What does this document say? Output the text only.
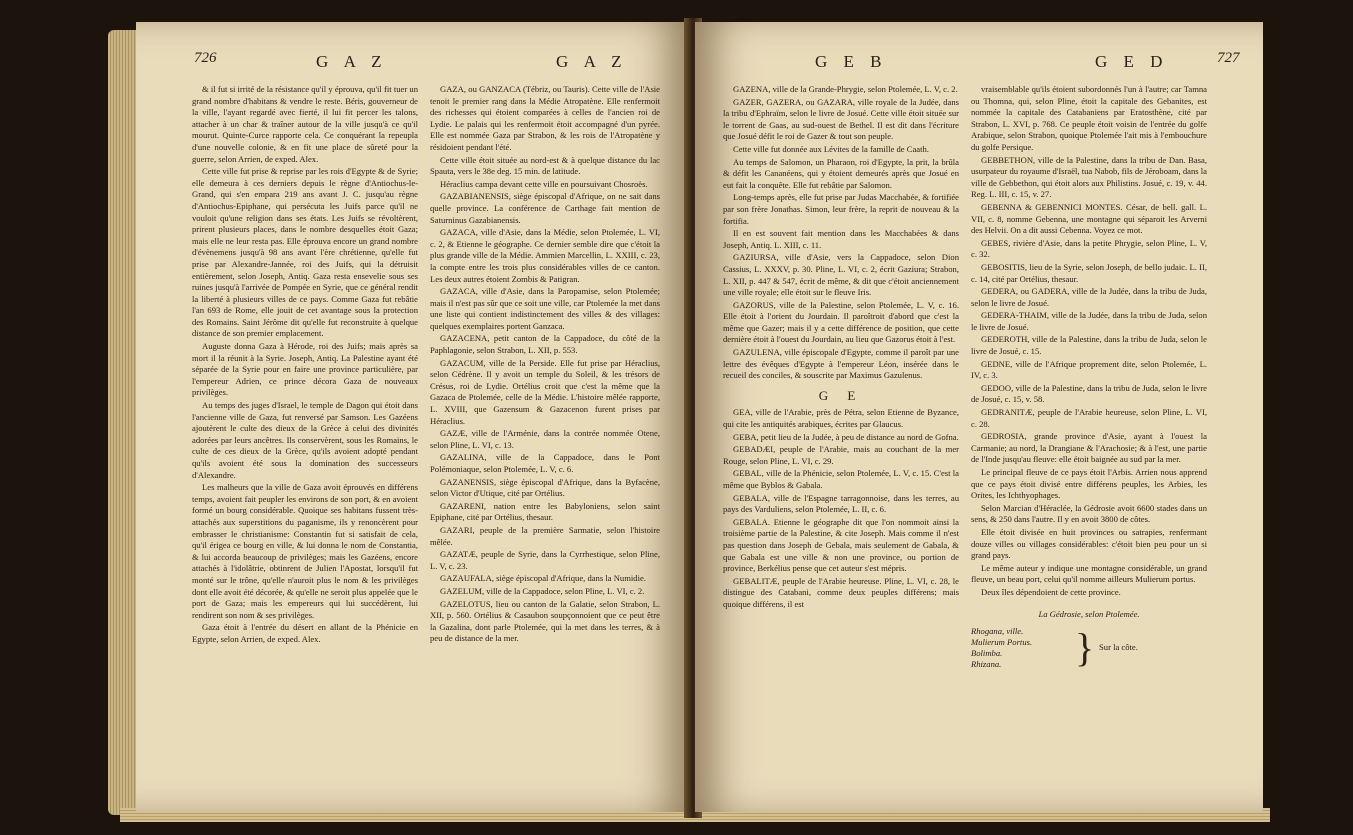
726	G A Z	G A Z

& il fut si irrité de la résistance qu'il y éprouva, qu'il fit tuer un grand nombre d'habitans & vendre le reste. Béris, gouverneur de la ville, l'ayant regardé avec fierté, il lui fit percer les talons, attacher à un char & traîner autour de la ville jusqu'à ce qu'il mourut. Quinte-Curce rapporte cela. Ce conquérant la repeupla d'une nouvelle colonie, & en fit une place de sûreté pour la guerre, selon Arrien, de exped. Alex.

Cette ville fut prise & reprise par les rois d'Egypte & de Syrie; elle demeura à ces derniers depuis le règne d'Antiochus-le-Grand, qui s'en empara 219 ans avant J. C. jusqu'au règne d'Antiochus-Epiphane, qui persécuta les Juifs parce qu'il ne vouloit qu'une religion dans ses états. Les Juifs se révoltèrent, prirent plusieurs places, dans le nombre desquelles étoit Gaza; mais elle ne leur resta pas. Elle éprouva encore un grand nombre d'évènemens jusqu'à 98 ans avant l'ère chrétienne, qu'elle fut prise par Alexandre-Jannée, roi des Juifs, qui la détruisit entièrement, selon Joseph, Antiq. Gaza resta ensevelie sous ses ruines jusqu'à l'arrivée de Pompée en Syrie, que ce général rendit la liberté à plusieurs villes de ce pays. Comme Gaza fut rebâtie l'an 693 de Rome, elle jouit de cet avantage sous la protection des Romains. Saint Jérôme dit qu'elle fut reconstruite à quelque distance de son premier emplacement.

Auguste donna Gaza à Hérode, roi des Juifs; mais après sa mort il la réunit à la Syrie. Joseph, Antiq. La Palestine ayant été séparée de la Syrie pour en faire une province particulière, par l'empereur Adrien, ce prince décora Gaza de nouveaux privilèges.

Au temps des juges d'Israel, le temple de Dagon qui étoit dans l'ancienne ville de Gaza, fut renversé par Samson. Les Gazéens ajoutèrent le culte des dieux de la Grèce à celui des divinités adorées par leurs ancêtres. Ils conservèrent, sous les Romains, le culte de ces dieux de la Grèce, qu'ils avoient adopté pendant qu'ils avoient été sous la domination des successeurs d'Alexandre.

Les malheurs que la ville de Gaza avoit éprouvés en différens temps, avoient fait peupler les environs de son port, & en avoient formé un bourg considérable. Quoique ses habitans fussent très-attachés aux superstitions du paganisme, ils y renoncèrent pour embrasser le christianisme: Constantin fut si satisfait de cela, qu'il érigea ce bourg en ville, & lui donna le nom de Constantia, & lui accorda beaucoup de privilèges; mais les Gazéens, encore attachés à l'idolâtrie, obtinrent de Julien l'Apostat, lorsqu'il fut monté sur le trône, qu'elle n'auroit plus le nom & les privilèges dont elle avoit été décorée, & qu'elle ne seroit plus appelée que le port de Gaza; mais les empereurs qui lui succédèrent, lui rendirent son nom & ses privilèges.

Gaza étoit à l'entrée du désert en allant de la Phénicie en Egypte, selon Arrien, de exped. Alex.

GAZA, ou GANZACA (Tébriz, ou Tauris). Cette ville de l'Asie tenoit le premier rang dans la Médie Atropatène. Elle renfermoit des richesses qui étoient comparées à celles de l'ancien roi de Lydie. Le palais qui les renfermoit étoit accompagné d'un pyrée. Elle est nommée Gaza par Strabon, & les rois de l'Atropatène y résidoient pendant l'été.

Cette ville étoit située au nord-est & à quelque distance du lac Spauta, vers le 38e deg. 15 min. de latitude.

Héraclius campa devant cette ville en poursuivant Chosroès.

GAZABIANENSIS, siège épiscopal d'Afrique, on ne sait dans quelle province. La conférence de Carthage fait mention de Saturninus Gazabianensis.

GAZACA, ville d'Asie, dans la Médie, selon Ptolemée, L. VI, c. 2, & Etienne le géographe. Ce dernier semble dire que c'étoit la plus grande ville de la Médie. Ammien Marcellin, L. XXIII, c. 23, la compte entre les trois plus considérables villes de ce canton. Les deux autres étoient Zombis & Patigran.

GAZACA, ville d'Asie, dans la Paropamise, selon Ptolemée; mais il n'est pas sûr que ce soit une ville, car Ptolemée la met dans une liste qui contient indistinctement des villes & des villages: quelques exemplaires portent Ganzaca.

GAZACENA, petit canton de la Cappadoce, du côté de la Paphlagonie, selon Strabon, L. XII, p. 553.

GAZACUM, ville de la Perside. Elle fut prise par Héraclius, selon Cédrène. Il y avoit un temple du Soleil, & les trésors de Crésus, roi de Lydie. Ortélius croit que c'est la même que la Gazaca de Ptolemée, celle de la Médie. L'histoire mêlée rapporte, L. XVIII, que Gazensum & Gazacenon furent prises par Héraclius.

GAZÆ, ville de l'Arménie, dans la contrée nommée Otene, selon Pline, L. VI, c. 13.

GAZALINA, ville de la Cappadoce, dans le Pont Polémoniaque, selon Ptolemée, L. V, c. 6.

GAZANENSIS, siège épiscopal d'Afrique, dans la Byfacène, selon Victor d'Utique, cité par Ortélius.

GAZARENI, nation entre les Babyloniens, selon saint Epiphane, cité par Ortélius, thesaur.

GAZARI, peuple de la première Sarmatie, selon l'histoire mêlée.

GAZATÆ, peuple de Syrie, dans la Cyrrhestique, selon Pline, L. V, c. 23.

GAZAUFALA, siège épiscopal d'Afrique, dans la Numidie.

GAZELUM, ville de la Cappadoce, selon Pline, L. VI, c. 2.

GAZELOTUS, lieu ou canton de la Galatie, selon Strabon, L. XII, p. 560. Ortélius & Casaubon soupçonnoient que ce peut être la Gazalina, dont parle Ptolemée, qui la met dans les terres, & à peu de distance de la mer.

G E B	G E D	727

GAZENA, ville de la Grande-Phrygie, selon Ptolemée, L. V, c. 2.

GAZER, GAZERA, ou GAZARA, ville royale de la Judée, dans la tribu d'Ephraïm, selon le livre de Josué. Cette ville étoit située sur le torrent de Gaas, au sud-ouest de Bethel. Il est dit dans l'écriture que Josué défit le roi de Gazer & tout son peuple.

Cette ville fut donnée aux Lévites de la famille de Caath.

Au temps de Salomon, un Pharaon, roi d'Egypte, la prit, la brûla & défit les Cananéens, qui y étoient demeurés après que Josué en eut fait la conquête. Elle fut rebâtie par Salomon.

Long-temps après, elle fut prise par Judas Macchabée, & fortifiée par son frère Jonathas. Simon, leur frère, la reprit de nouveau & la fortifia.

Il en est souvent fait mention dans les Macchabées & dans Joseph, Antiq. L. XIII, c. 11.

GAZIURSA, ville d'Asie, vers la Cappadoce, selon Dion Cassius, L. XXXV, p. 30. Pline, L. VI, c. 2, écrit Gaziura; Strabon, L. XII, p. 447 & 547, écrit de même, & dit que c'étoit anciennement une ville royale; elle étoit sur le fleuve Iris.

GAZORUS, ville de la Palestine, selon Ptolemée, L. V, c. 16. Elle étoit à l'orient du Jourdain. Il paroîtroit d'abord que c'est la même que Gazer; mais il y a cette différence de position, que cette dernière étoit à l'ouest du Jourdain, au lieu que Gazorus étoit à l'est.

GAZULENA, ville épiscopale d'Egypte, comme il paroît par une lettre des évêques d'Egypte à l'empereur Léon, insérée dans le recueil des conciles, & souscrite par Maximus Gazulenus.

G E

GEA, ville de l'Arabie, près de Pétra, selon Etienne de Byzance, qui cite les antiquités arabiques, écrites par Glaucus.

GEBA, petit lieu de la Judée, à peu de distance au nord de Gofna.

GEBADÆI, peuple de l'Arabie, mais au couchant de la mer Rouge, selon Pline, L. VI, c. 29.

GEBAL, ville de la Phénicie, selon Ptolemée, L. V, c. 15. C'est la même que Byblos & Gabala.

GEBALA, ville de l'Espagne tarragonnoise, dans les terres, au pays des Varduliens, selon Ptolemée, L. II, c. 6.

GEBALA. Etienne le géographe dit que l'on nommoit ainsi la troisième partie de la Palestine, & cite Joseph. Mais comme il n'est pas question dans Joseph de Gebala, mais seulement de Gabala, & que Gabala est une ville & non une province, ou portion de province, Berkélius pense que cet auteur s'est mépris.

GEBALITÆ, peuple de l'Arabie heureuse. Pline, L. VI, c. 28, le distingue des Catabani, comme deux peuples différens; mais quoique différens, il est

vraisemblable qu'ils étoient subordonnés l'un à l'autre; car Tamna ou Thomna, qui, selon Pline, étoit la capitale des Gebanites, est nommée la capitale des Catabaniens par Eratosthène, cité par Strabon, L. XVI, p. 768. Ce peuple étoit voisin de l'entrée du golfe Arabique, selon Strabon, quoique Ptolemée l'ait mis à l'embouchure du golfe Persique.

GEBBETHON, ville de la Palestine, dans la tribu de Dan. Basa, usurpateur du royaume d'Israël, tua Nabob, fils de Jéroboam, dans la ville de Gebbethon, qui étoit alors aux Philistins. Josué, c. 19, v. 44. Reg. L. III, c. 15, v. 27.

GEBENNA & GEBENNICI MONTES. César, de bell. gall. L. VII, c. 8, nomme Gebenna, une montagne qui séparoit les Arverni des Helvii. On a dit aussi Cebenna. Voyez ce mot.

GEBES, rivière d'Asie, dans la petite Phrygie, selon Pline, L. V, c. 32.

GEBOSITIS, lieu de la Syrie, selon Joseph, de bello judaic. L. II, c. 14, cité par Ortélius, thesaur.

GEDERA, ou GADERA, ville de la Judée, dans la tribu de Juda, selon le livre de Josué.

GEDERA-THAIM, ville de la Judée, dans la tribu de Juda, selon le livre de Josué.

GEDEROTH, ville de la Palestine, dans la tribu de Juda, selon le livre de Josué, c. 15.

GEDNE, ville de l'Afrique proprement dite, selon Ptolemée, L. IV, c. 3.

GEDOO, ville de la Palestine, dans la tribu de Juda, selon le livre de Josué, c. 15, v. 58.

GEDRANITÆ, peuple de l'Arabie heureuse, selon Pline, L. VI, c. 28.

GEDROSIA, grande province d'Asie, ayant à l'ouest la Carmanie; au nord, la Drangiane & l'Arachosie; & à l'est, une partie de l'Inde jusqu'au fleuve: elle étoit baignée au sud par la mer.

Le principal fleuve de ce pays étoit l'Arbis. Arrien nous apprend que ce pays étoit divisé entre différens peuples, les Arbies, les Orites, les Ichthyophages.

Selon Marcian d'Héraclée, la Gédrosie avoit 6600 stades dans un sens, & 250 dans l'autre. Il y en avoit 3800 de côtes.

Elle étoit divisée en huit provinces ou satrapies, renfermant douze villes ou villages considérables: c'étoit bien peu pour un si grand pays.

Le même auteur y indique une montagne considérable, un grand fleuve, un beau port, celui qu'il nomme ailleurs Mulierum portus.

Deux îles dépendoient de cette province.

La Gédrosie, selon Ptolemée.
Rhogana, ville.
Mulierum Portus.
Bolimba.
Rhizana.	} Sur la côte.
